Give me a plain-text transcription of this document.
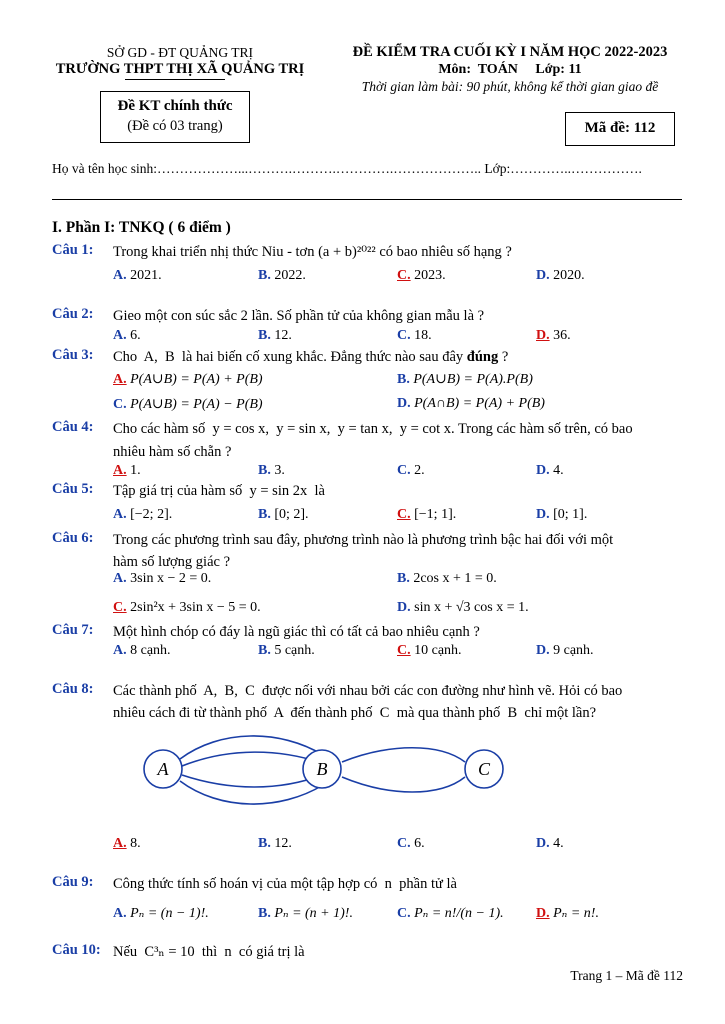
SỞ GD - ĐT QUẢNG TRỊ
TRƯỜNG THPT THỊ XÃ QUẢNG TRỊ
ĐỀ KIỂM TRA CUỐI KỲ I NĂM HỌC 2022-2023
Môn:  TOÁN     Lớp: 11
Thời gian làm bài: 90 phút, không kể thời gian giao đề
Đề KT chính thức
(Đề có 03 trang)	Mã đề: 112
Họ và tên học sinh:………………...……….……….………….……………….. Lớp:…………..…………….
I. Phần I: TNKQ ( 6 điểm )
Câu 1: Trong khai triển nhị thức Niu - tơn (a + b)²⁰²² có bao nhiêu số hạng ?
A. 2021.	B. 2022.	C. 2023.	D. 2020.
Câu 2: Gieo một con súc sắc 2 lần. Số phần tử của không gian mẫu là ?
A. 6.	B. 12.	C. 18.	D. 36.
Câu 3: Cho  A,  B  là hai biến cố xung khắc. Đẳng thức nào sau đây đúng ?
A. P(A∪B) = P(A) + P(B)	B. P(A∪B) = P(A).P(B)
C. P(A∪B) = P(A) − P(B)	D. P(A∩B) = P(A) + P(B)
Câu 4: Cho các hàm số  y = cos x,  y = sin x,  y = tan x,  y = cot x. Trong các hàm số trên, có bao
nhiêu hàm số chẵn ?
A. 1.	B. 3.	C. 2.	D. 4.
Câu 5: Tập giá trị của hàm số  y = sin 2x  là
A. [−2; 2].	B. [0; 2].	C. [−1; 1].	D. [0; 1].
Câu 6: Trong các phương trình sau đây, phương trình nào là phương trình bậc hai đối với một
hàm số lượng giác ?
A. 3sin x − 2 = 0.	B. 2cos x + 1 = 0.
C. 2sin²x + 3sin x − 5 = 0.	D. sin x + √3 cos x = 1.
Câu 7: Một hình chóp có đáy là ngũ giác thì có tất cả bao nhiêu cạnh ?
A. 8 cạnh.	B. 5 cạnh.	C. 10 cạnh.	D. 9 cạnh.
Câu 8: Các thành phố  A,  B,  C  được nối với nhau bởi các con đường như hình vẽ. Hỏi có bao
nhiêu cách đi từ thành phố  A  đến thành phố  C  mà qua thành phố  B  chỉ một lần?
A	B	C
A. 8.	B. 12.	C. 6.	D. 4.
Câu 9: Công thức tính số hoán vị của một tập hợp có  n  phần tử là
A. Pₙ = (n − 1)!.	B. Pₙ = (n + 1)!.	C. Pₙ = n!/(n − 1). D. Pₙ = n!.
Câu 10: Nếu  C³ₙ = 10  thì  n  có giá trị là
Trang 1 – Mã đề 112
